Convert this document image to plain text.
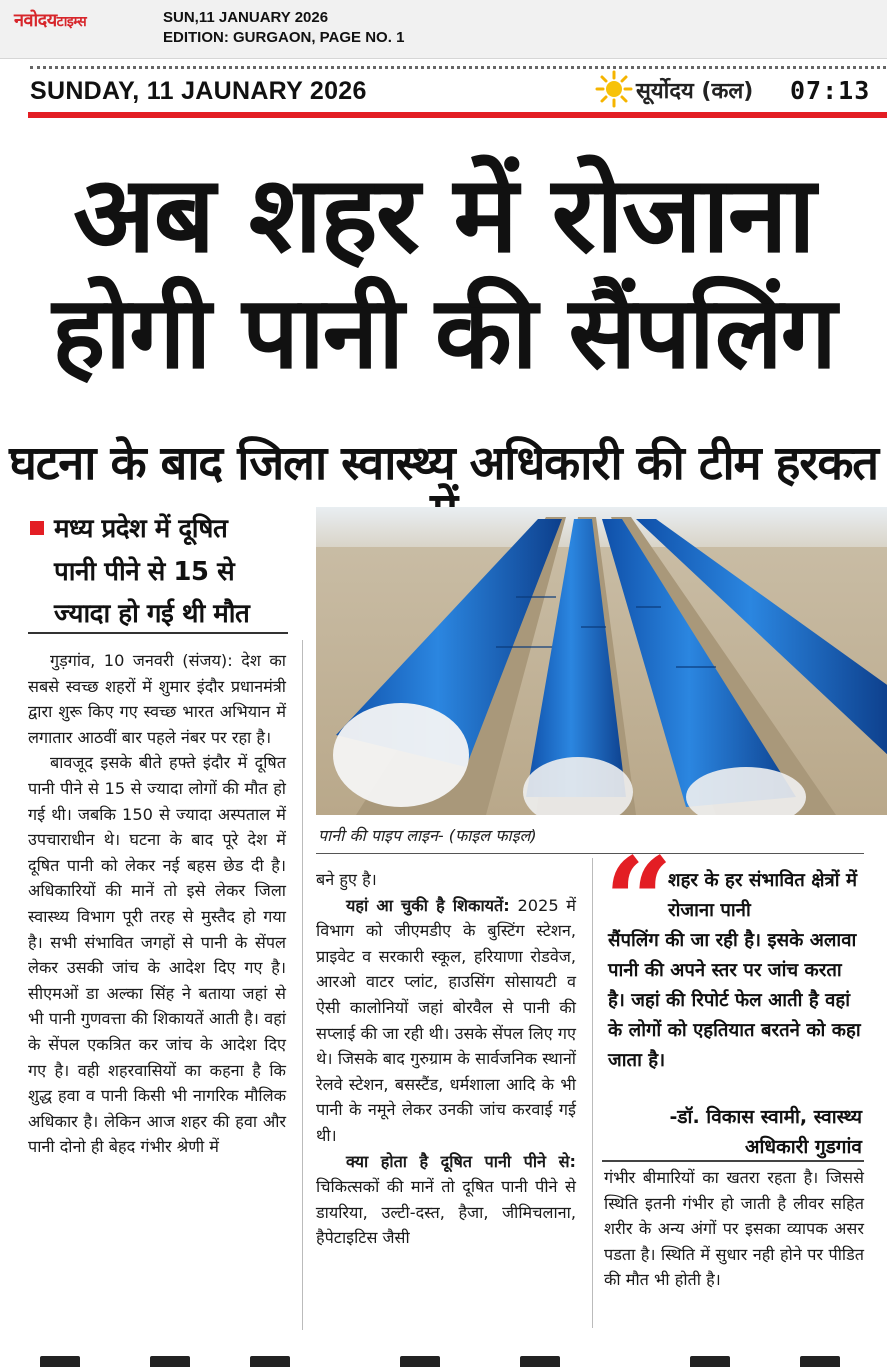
नवोदयटाइम्स	SUN,11 JANUARY 2026
EDITION: GURGAON, PAGE NO. 1
SUNDAY, 11 JAUNARY 2026	सूर्योदय (कल) 07:13
अब शहर में रोजाना
होगी पानी की सैंपलिंग
घटना के बाद जिला स्वास्थ्य अधिकारी की टीम हरकत
मध्य प्रदेश में दूषित
पानी पीने से 15 से
ज्यादा हो गई थी मौत
पानी की पाइप लाइन- (फाइल फाइल)

गुड़गांव, 10 जनवरी (संजय): देश का सबसे स्वच्छ शहरों में शुमार इंदौर प्रधानमंत्री द्वारा शुरू किए गए स्वच्छ भारत अभियान में लगातार आठवीं बार पहले नंबर पर रहा है।

बावजूद इसके बीते हफ्ते इंदौर में दूषित पानी पीने से 15 से ज्यादा लोगों की मौत हो गई थी। जबकि 150 से ज्यादा अस्पताल में उपचाराधीन थे। घटना के बाद पूरे देश में दूषित पानी को लेकर नई बहस छेड दी है। अधिकारियों की मानें तो इसे लेकर जिला स्वास्थ्य विभाग पूरी तरह से मुस्तैद हो गया है। सभी संभावित जगहों से पानी के सेंपल लेकर उसकी जांच के आदेश दिए गए है। सीएमओं डा अल्का सिंह ने बताया जहां से भी पानी गुणवत्ता की शिकायतें आती है। वहां के सेंपल एकत्रित कर जांच के आदेश दिए गए है। वही शहरवासियों का कहना है कि शुद्ध हवा व पानी किसी भी नागरिक मौलिक अधिकार है। लेकिन आज शहर की हवा और पानी दोनो ही बेहद गंभीर श्रेणी में

बने हुए है।

यहां आ चुकी है शिकायतें: 2025 में विभाग को जीएमडीए के बुस्टिंग स्टेशन, प्राइवेट व सरकारी स्कूल, हरियाणा रोडवेज, आरओ वाटर प्लांट, हाउसिंग सोसायटी व ऐसी कालोनियों जहां बोरवैल से पानी की सप्लाई की जा रही थी। उसके सेंपल लिए गए थे। जिसके बाद गुरुग्राम के सार्वजनिक स्थानों रेलवे स्टेशन, बसस्टैंड, धर्मशाला आदि के भी पानी के नमूने लेकर उनकी जांच करवाई गई थी।

क्या होता है दूषित पानी पीने से: चिकित्सकों की मानें तो दूषित पानी पीने से डायरिया, उल्टी-दस्त, हैजा, जीमिचलाना, हैपेटाइटिस जैसी

“

शहर के हर संभावित क्षेत्रों में रोजाना पानी

सैंपलिंग की जा रही है। इसके अलावा पानी की अपने स्तर पर जांच करता है। जहां की रिपोर्ट फेल आती है वहां के लोगों को एहतियात बरतने को कहा जाता है।

-डॉ. विकास स्वामी, स्वास्थ्य
अधिकारी गुडगांव

गंभीर बीमारियों का खतरा रहता है। जिससे स्थिति इतनी गंभीर हो जाती है लीवर सहित शरीर के अन्य अंगों पर इसका व्यापक असर पडता है। स्थिति में सुधार नही होने पर पीडित की मौत भी होती है।
